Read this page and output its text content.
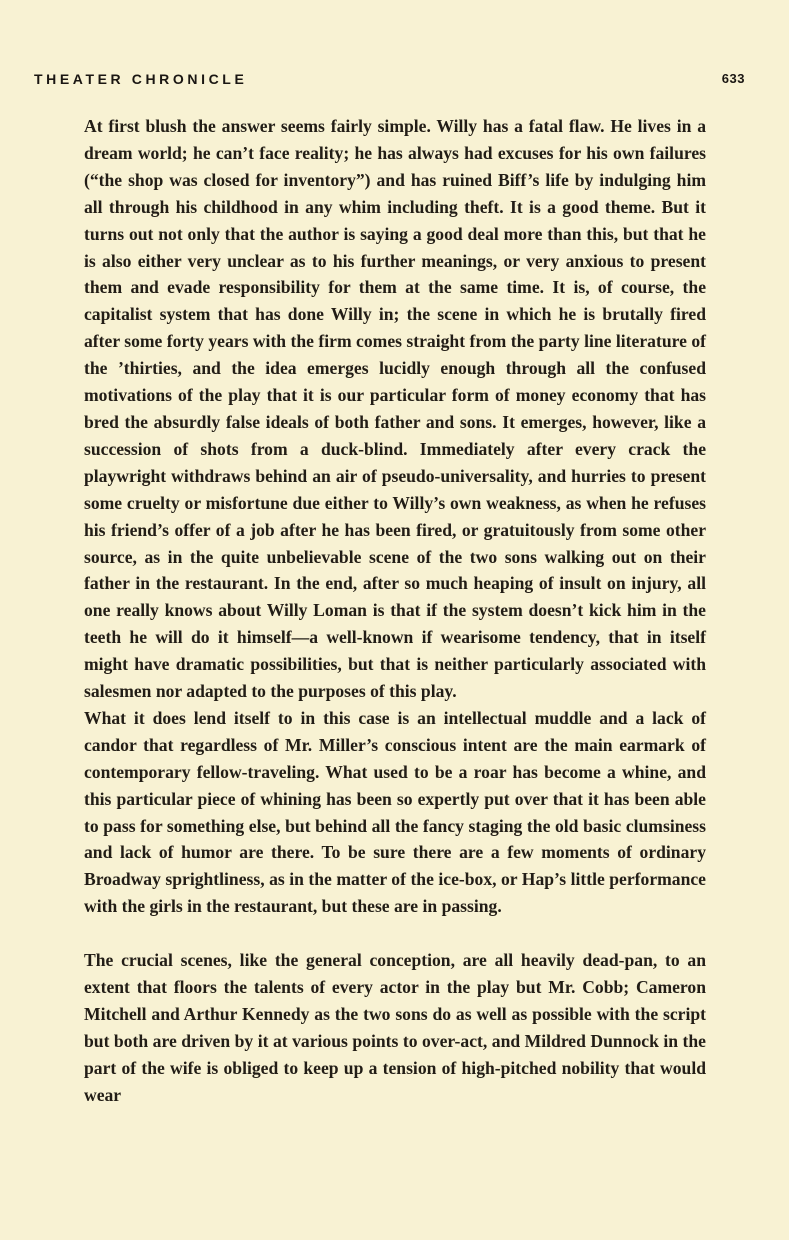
THEATER CHRONICLE	633

At first blush the answer seems fairly simple. Willy has a fatal flaw. He lives in a dream world; he can’t face reality; he has always had excuses for his own failures (“the shop was closed for inventory”) and has ruined Biff’s life by indulging him all through his childhood in any whim including theft. It is a good theme. But it turns out not only that the author is saying a good deal more than this, but that he is also either very unclear as to his further meanings, or very anxious to present them and evade responsibility for them at the same time. It is, of course, the capitalist system that has done Willy in; the scene in which he is brutally fired after some forty years with the firm comes straight from the party line literature of the ’thirties, and the idea emerges lucidly enough through all the confused motivations of the play that it is our particular form of money economy that has bred the absurdly false ideals of both father and sons. It emerges, however, like a succession of shots from a duck-blind. Immediately after every crack the playwright withdraws behind an air of pseudo-universality, and hurries to present some cruelty or misfortune due either to Willy’s own weakness, as when he refuses his friend’s offer of a job after he has been fired, or gratuitously from some other source, as in the quite unbelievable scene of the two sons walking out on their father in the restaurant. In the end, after so much heaping of insult on injury, all one really knows about Willy Loman is that if the system doesn’t kick him in the teeth he will do it himself—a well-known if wearisome tendency, that in itself might have dramatic possibilities, but that is neither particularly associated with salesmen nor adapted to the purposes of this play.

What it does lend itself to in this case is an intellectual muddle and a lack of candor that regardless of Mr. Miller’s conscious intent are the main earmark of contemporary fellow-traveling. What used to be a roar has become a whine, and this particular piece of whining has been so expertly put over that it has been able to pass for something else, but behind all the fancy staging the old basic clumsiness and lack of humor are there. To be sure there are a few moments of ordinary Broadway sprightliness, as in the matter of the ice-box, or Hap’s little performance with the girls in the restaurant, but these are in passing.

The crucial scenes, like the general conception, are all heavily dead-pan, to an extent that floors the talents of every actor in the play but Mr. Cobb; Cameron Mitchell and Arthur Kennedy as the two sons do as well as possible with the script but both are driven by it at various points to over-act, and Mildred Dunnock in the part of the wife is obliged to keep up a tension of high-pitched nobility that would wear
